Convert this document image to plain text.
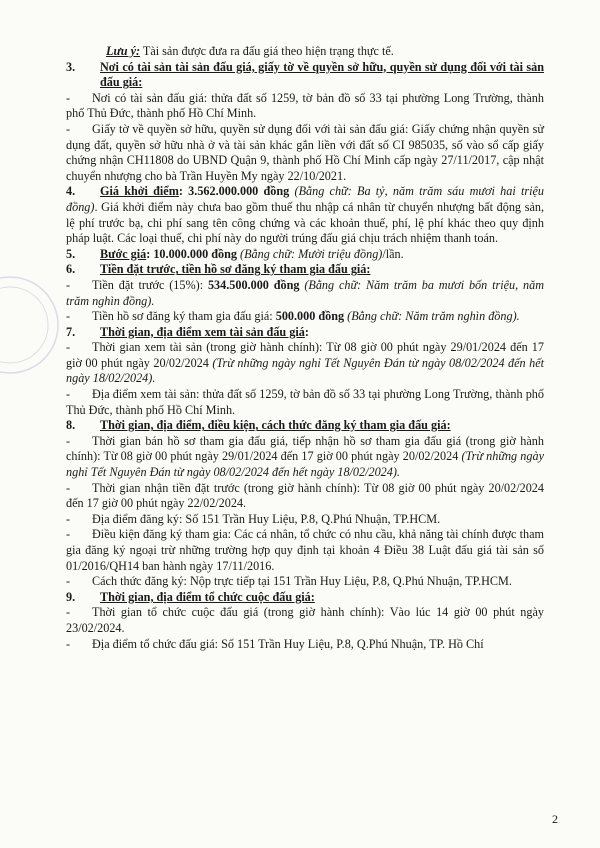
Lưu ý: Tài sản được đưa ra đấu giá theo hiện trạng thực tế.

3.	Nơi có tài sản tài sản đấu giá, giấy tờ về quyền sở hữu, quyền sử dụng đối với tài sản đấu giá:

- Nơi có tài sản đấu giá: thửa đất số 1259, tờ bản đồ số 33 tại phường Long Trường, thành phố Thủ Đức, thành phố Hồ Chí Minh.

- Giấy tờ về quyền sở hữu, quyền sử dụng đối với tài sản đấu giá: Giấy chứng nhận quyền sử dụng đất, quyền sở hữu nhà ở và tài sản khác gắn liền với đất số CI 985035, số vào sổ cấp giấy chứng nhận CH11808 do UBND Quận 9, thành phố Hồ Chí Minh cấp ngày 27/11/2017, cập nhật chuyển nhượng cho bà Trần Huyền My ngày 22/10/2021.

4. Giá khởi điểm: 3.562.000.000 đồng (Bằng chữ: Ba tỷ, năm trăm sáu mươi hai triệu đồng). Giá khởi điểm này chưa bao gồm thuế thu nhập cá nhân từ chuyển nhượng bất động sản, lệ phí trước bạ, chi phí sang tên công chứng và các khoản thuế, phí, lệ phí khác theo quy định pháp luật. Các loại thuế, chi phí này do người trúng đấu giá chịu trách nhiệm thanh toán.

5. Bước giá: 10.000.000 đồng (Bằng chữ: Mười triệu đồng)/lần.

6.	Tiền đặt trước, tiền hồ sơ đăng ký tham gia đấu giá:

- Tiền đặt trước (15%): 534.500.000 đồng (Bằng chữ: Năm trăm ba mươi bốn triệu, năm trăm nghìn đồng).

- Tiền hồ sơ đăng ký tham gia đấu giá: 500.000 đồng (Bằng chữ: Năm trăm nghìn đồng).

7.	Thời gian, địa điểm xem tài sản đấu giá:

- Thời gian xem tài sản (trong giờ hành chính): Từ 08 giờ 00 phút ngày 29/01/2024 đến 17 giờ 00 phút ngày 20/02/2024 (Trừ những ngày nghỉ Tết Nguyên Đán từ ngày 08/02/2024 đến hết ngày 18/02/2024).

- Địa điểm xem tài sản: thửa đất số 1259, tờ bản đồ số 33 tại phường Long Trường, thành phố Thủ Đức, thành phố Hồ Chí Minh.

8.	Thời gian, địa điểm, điều kiện, cách thức đăng ký tham gia đấu giá:

- Thời gian bán hồ sơ tham gia đấu giá, tiếp nhận hồ sơ tham gia đấu giá (trong giờ hành chính): Từ 08 giờ 00 phút ngày 29/01/2024 đến 17 giờ 00 phút ngày 20/02/2024 (Trừ những ngày nghỉ Tết Nguyên Đán từ ngày 08/02/2024 đến hết ngày 18/02/2024).

- Thời gian nhận tiền đặt trước (trong giờ hành chính): Từ 08 giờ 00 phút ngày 20/02/2024 đến 17 giờ 00 phút ngày 22/02/2024.

- Địa điểm đăng ký: Số 151 Trần Huy Liệu, P.8, Q.Phú Nhuận, TP.HCM.

- Điều kiện đăng ký tham gia: Các cá nhân, tổ chức có nhu cầu, khả năng tài chính được tham gia đăng ký ngoại trừ những trường hợp quy định tại khoản 4 Điều 38 Luật đấu giá tài sản số 01/2016/QH14 ban hành ngày 17/11/2016.

- Cách thức đăng ký: Nộp trực tiếp tại 151 Trần Huy Liệu, P.8, Q.Phú Nhuận, TP.HCM.

9.	Thời gian, địa điểm tổ chức cuộc đấu giá:

- Thời gian tổ chức cuộc đấu giá (trong giờ hành chính): Vào lúc 14 giờ 00 phút ngày 23/02/2024.

- Địa điểm tổ chức đấu giá: Số 151 Trần Huy Liệu, P.8, Q.Phú Nhuận, TP. Hồ Chí

2
